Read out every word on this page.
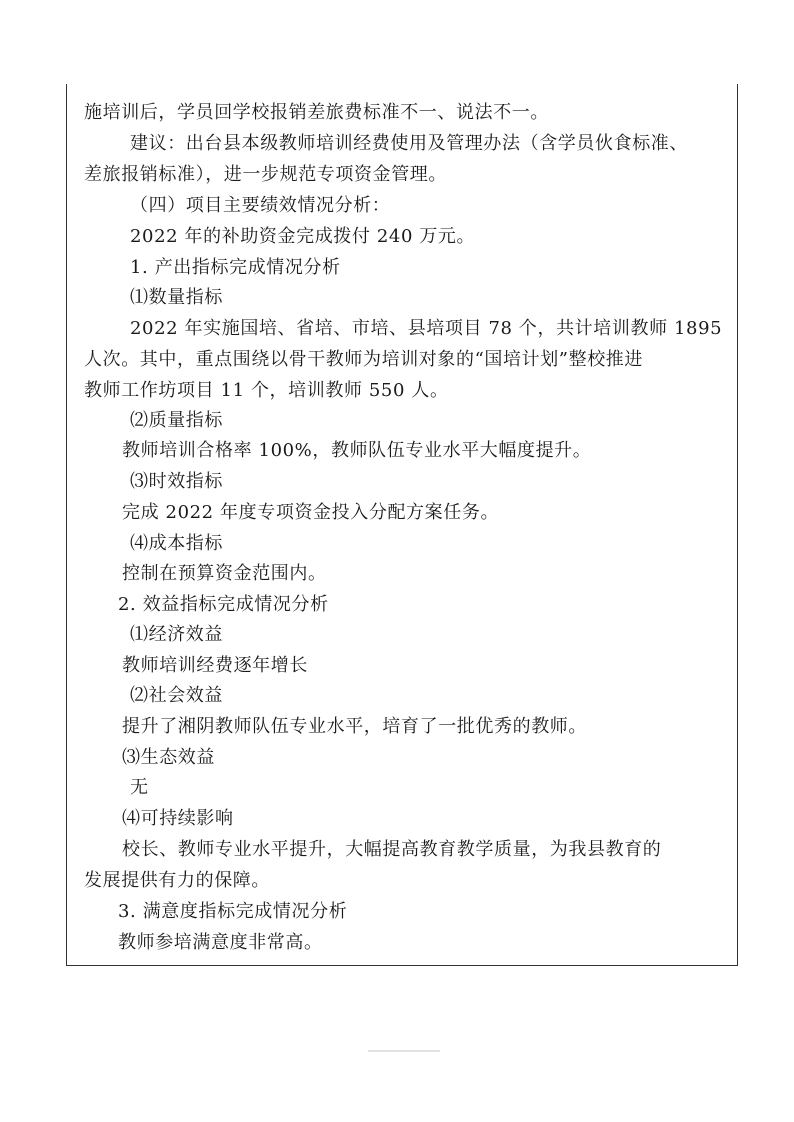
施培训后，学员回学校报销差旅费标准不一、说法不一。
建议：出台县本级教师培训经费使用及管理办法（含学员伙食标准、
差旅报销标准），进一步规范专项资金管理。
（四）项目主要绩效情况分析：
2022 年的补助资金完成拨付 240 万元。
1. 产出指标完成情况分析
⑴数量指标
2022 年实施国培、省培、市培、县培项目 78 个，共计培训教师 1895
人次。其中，重点围绕以骨干教师为培训对象的“国培计划”整校推进
教师工作坊项目 11 个，培训教师 550 人。
⑵质量指标
教师培训合格率 100%，教师队伍专业水平大幅度提升。
⑶时效指标
完成 2022 年度专项资金投入分配方案任务。
⑷成本指标
控制在预算资金范围内。
2. 效益指标完成情况分析
⑴经济效益
教师培训经费逐年增长
⑵社会效益
提升了湘阴教师队伍专业水平，培育了一批优秀的教师。
⑶生态效益
无
⑷可持续影响
校长、教师专业水平提升，大幅提高教育教学质量，为我县教育的
发展提供有力的保障。
3. 满意度指标完成情况分析
教师参培满意度非常高。
